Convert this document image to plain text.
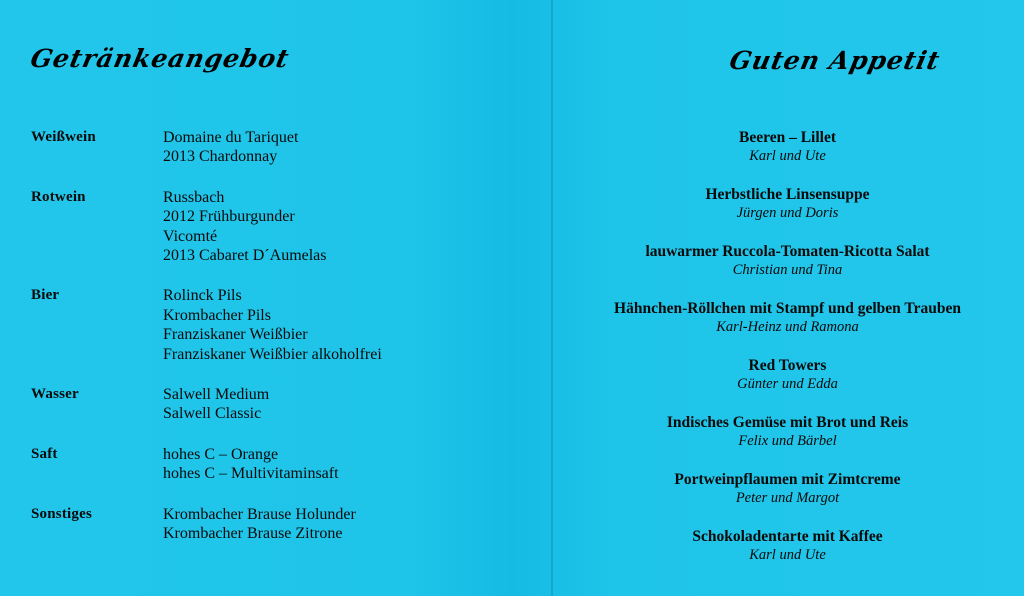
Getränkeangebot
Weißwein	Domaine du Tariquet
2013 Chardonnay
Rotwein	Russbach
2012 Frühburgunder
Vicomté
2013 Cabaret D´Aumelas
Bier	Rolinck Pils
Krombacher Pils
Franziskaner Weißbier
Franziskaner Weißbier alkoholfrei
Wasser	Salwell Medium
Salwell Classic
Saft	hohes C – Orange
hohes C – Multivitaminsaft
Sonstiges	Krombacher Brause Holunder
Krombacher Brause Zitrone
Guten Appetit
Beeren – Lillet
Karl und Ute
Herbstliche Linsensuppe
Jürgen und Doris
lauwarmer Ruccola-Tomaten-Ricotta Salat
Christian und Tina
Hähnchen-Röllchen mit Stampf und gelben Trauben
Karl-Heinz und Ramona
Red Towers
Günter und Edda
Indisches Gemüse mit Brot und Reis
Felix und Bärbel
Portweinpflaumen mit Zimtcreme
Peter und Margot
Schokoladentarte mit Kaffee
Karl und Ute
